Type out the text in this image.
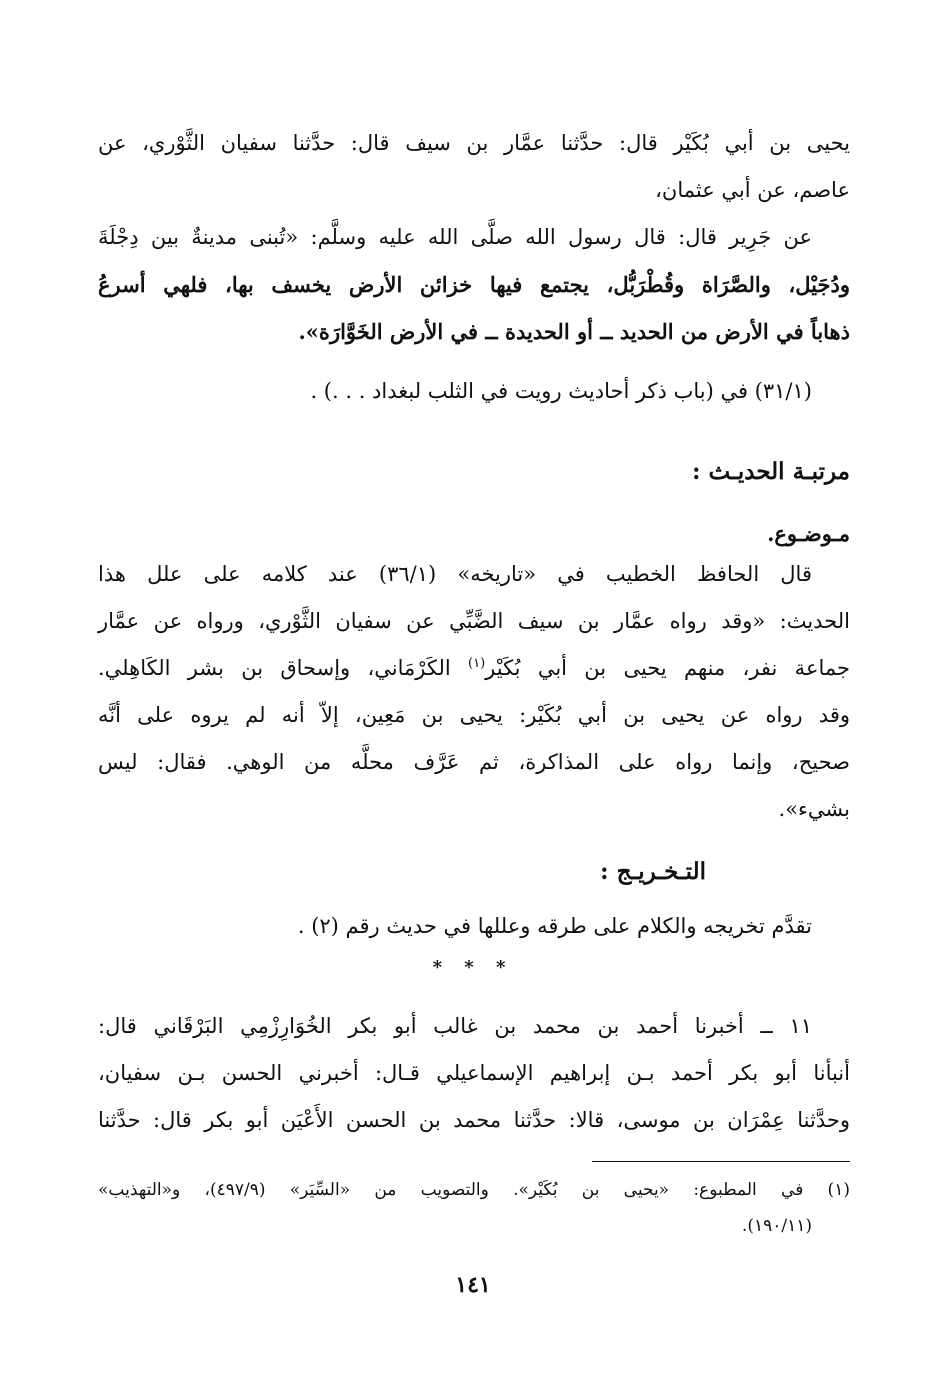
يحيى بن أبي بُكَيْر قال: حدَّثنا عمَّار بن سيف قال: حدَّثنا سفيان الثَّوْري، عن
عاصم، عن أبي عثمان،
عن جَرِير قال: قال رسول الله صلَّى الله عليه وسلَّم: «تُبنى مدينةٌ بين دِجْلَةَ
ودُجَيْل، والصَّرَاة وقُطْرَبُّل، يجتمع فيها خزائن الأرض يخسف بها، فلهي أسرعُ
ذهاباً في الأرض من الحديد ــ أو الحديدة ــ في الأرض الخَوَّارَة».
(٣١/١) في (باب ذكر أحاديث رويت في الثلب لبغداد . . .) .
مرتبـة الحديـث :
مـوضـوع.
قال الحافظ الخطيب في «تاريخه» (٣٦/١) عند كلامه على علل هذا
الحديث: «وقد رواه عمَّار بن سيف الضَّبِّي عن سفيان الثَّوْري، ورواه عن عمَّار
جماعة نفر، منهم يحيى بن أبي بُكَيْر$^{(١)}$ الكَرْمَاني، وإسحاق بن بشر الكَاهِلي.
وقد رواه عن يحيى بن أبي بُكَيْر: يحيى بن مَعِين، إلاّ أنه لم يروه على أنَّه
صحيح، وإنما رواه على المذاكرة، ثم عَرَّف محلَّه من الوهي. فقال: ليس
بشيء».
التـخـريـج :
تقدَّم تخريجه والكلام على طرقه وعللها في حديث رقم (٢) .
* * *
١١ ــ أخبرنا أحمد بن محمد بن غالب أبو بكر الخُوَارِزْمِي البَرْقَاني قال:
أنبأنا أبو بكر أحمد بـن إبراهيم الإسماعيلي قـال: أخبرني الحسن بـن سفيان،
وحدَّثنا عِمْرَان بن موسى، قالا: حدَّثنا محمد بن الحسن الأَعْيَن أبو بكر قال: حدَّثنا
(١) في المطبوع: «يحيى بن بُكَيْر». والتصويب من «السِّيَر» (٤٩٧/٩)، و«التهذيب»
(١٩٠/١١).
١٤١
